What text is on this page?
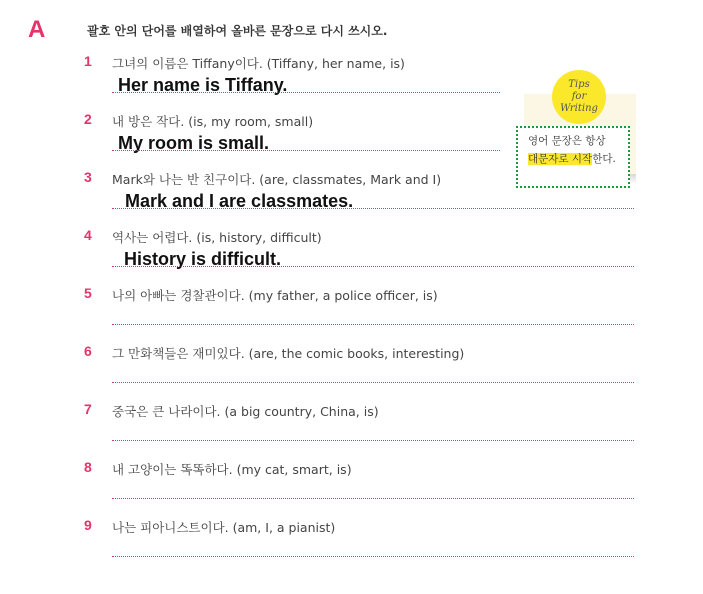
A	괄호 안의 단어를 배열하여 올바른 문장으로 다시 쓰시오.
1 그녀의 이름은 Tiffany이다. (Tiffany, her name, is)
Her name is Tiffany.
2 내 방은 작다. (is, my room, small)
My room is small.
3 Mark와 나는 반 친구이다. (are, classmates, Mark and I)
Mark and I are classmates.
4 역사는 어렵다. (is, history, difficult)
History is difficult.
5 나의 아빠는 경찰관이다. (my father, a police officer, is)
6 그 만화책들은 재미있다. (are, the comic books, interesting)
7 중국은 큰 나라이다. (a big country, China, is)
8 내 고양이는 똑똑하다. (my cat, smart, is)
9 나는 피아니스트이다. (am, I, a pianist)
Tips
for
Writing
영어 문장은 항상
대문자로 시작한다.
